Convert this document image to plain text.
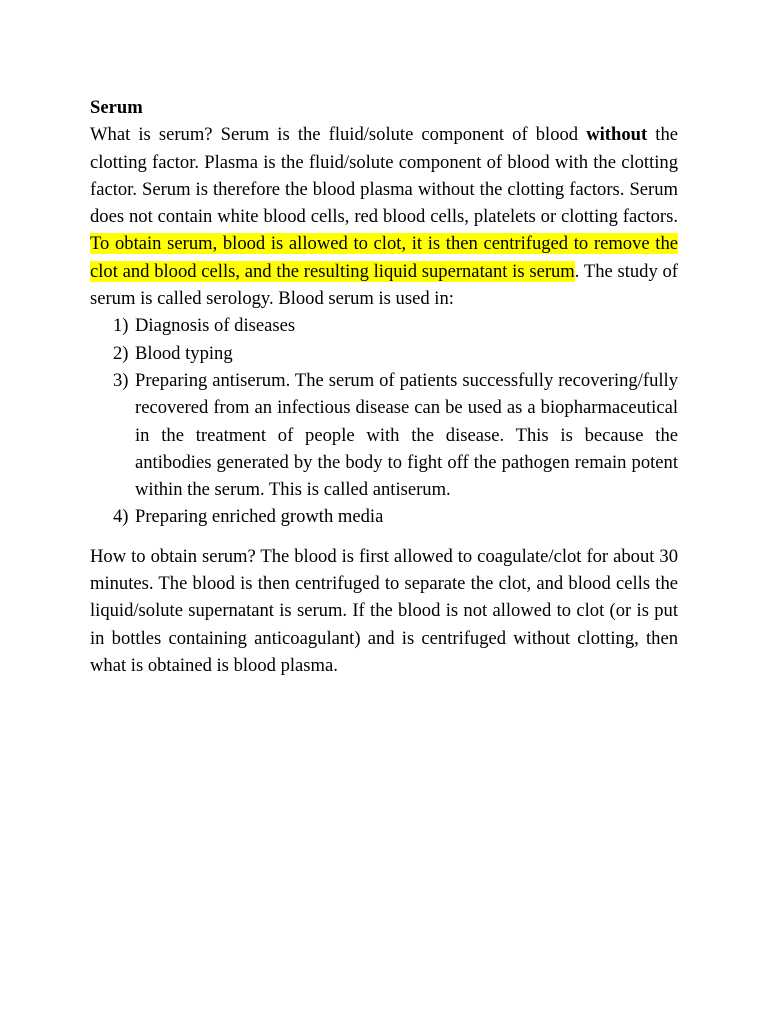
Serum

What is serum? Serum is the fluid/solute component of blood without the clotting factor. Plasma is the fluid/solute component of blood with the clotting factor. Serum is therefore the blood plasma without the clotting factors. Serum does not contain white blood cells, red blood cells, platelets or clotting factors. To obtain serum, blood is allowed to clot, it is then centrifuged to remove the clot and blood cells, and the resulting liquid supernatant is serum. The study of serum is called serology. Blood serum is used in:

1) Diagnosis of diseases
2) Blood typing
3) Preparing antiserum. The serum of patients successfully recovering/fully recovered from an infectious disease can be used as a biopharmaceutical in the treatment of people with the disease. This is because the antibodies generated by the body to fight off the pathogen remain potent within the serum. This is called antiserum.
4) Preparing enriched growth media

How to obtain serum? The blood is first allowed to coagulate/clot for about 30 minutes. The blood is then centrifuged to separate the clot, and blood cells the liquid/solute supernatant is serum. If the blood is not allowed to clot (or is put in bottles containing anticoagulant) and is centrifuged without clotting, then what is obtained is blood plasma.
